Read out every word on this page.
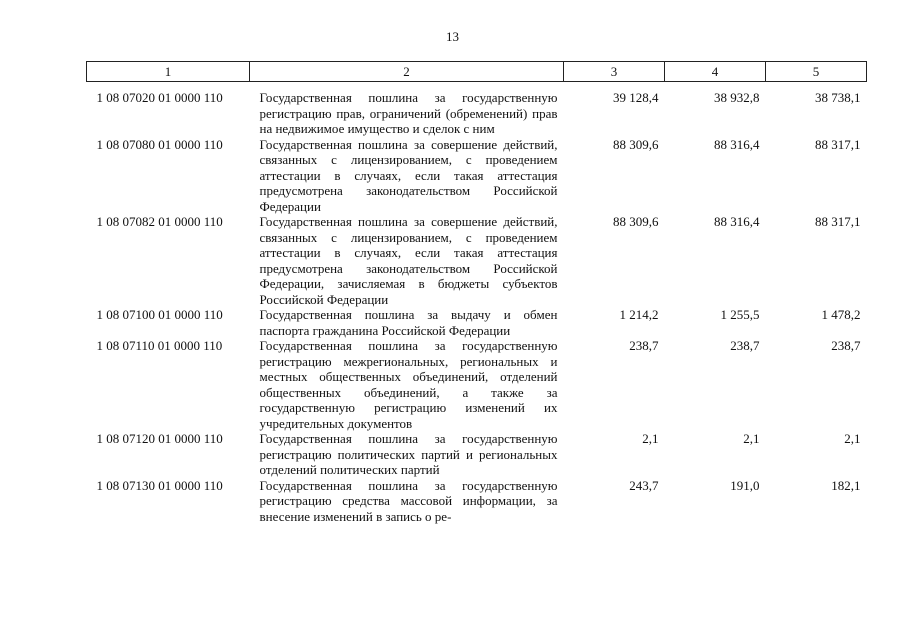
13
1	2	3	4	5
1 08 07020 01 0000 110	Государственная пошлина за государственную регистрацию прав, ограничений (обременений) прав на недвижимое имущество и сделок с ним	39 128,4	38 932,8	38 738,1
1 08 07080 01 0000 110	Государственная пошлина за совершение действий, связанных с лицензированием, с проведением аттестации в случаях, если такая аттестация предусмотрена законодательством Российской Федерации	88 309,6	88 316,4	88 317,1
1 08 07082 01 0000 110	Государственная пошлина за совершение действий, связанных с лицензированием, с проведением аттестации в случаях, если такая аттестация предусмотрена законодательством Российской Федерации, зачисляемая в бюджеты субъектов Российской Федерации	88 309,6	88 316,4	88 317,1
1 08 07100 01 0000 110	Государственная пошлина за выдачу и обмен паспорта гражданина Российской Федерации	1 214,2	1 255,5	1 478,2
1 08 07110 01 0000 110	Государственная пошлина за государственную регистрацию межрегиональных, региональных и местных общественных объединений, отделений общественных объединений, а также за государственную регистрацию изменений их учредительных документов	238,7	238,7	238,7
1 08 07120 01 0000 110	Государственная пошлина за государственную регистрацию политических партий и региональных отделений политических партий	2,1	2,1	2,1
1 08 07130 01 0000 110	Государственная пошлина за государственную регистрацию средства массовой информации, за внесение изменений в запись о ре-	243,7	191,0	182,1
